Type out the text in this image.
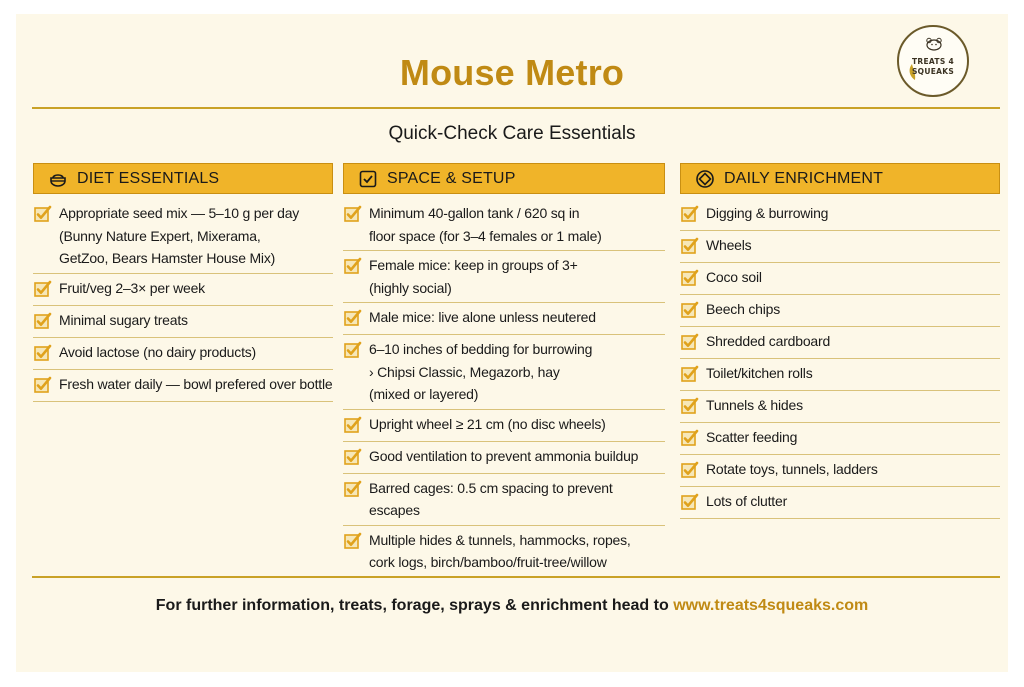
TREATS 4
SQUEAKS
Mouse Metro
Quick-Check Care Essentials
DIET ESSENTIALS
Appropriate seed mix — 5–10 g per day
(Bunny Nature Expert, Mixerama,
GetZoo, Bears Hamster House Mix)
Fruit/veg 2–3× per week
Minimal sugary treats
Avoid lactose (no dairy products)
Fresh water daily — bowl prefered over bottle
SPACE & SETUP
Minimum 40-gallon tank / 620 sq in
floor space (for 3–4 females or 1 male)
Female mice: keep in groups of 3+
(highly social)
Male mice: live alone unless neutered
6–10 inches of bedding for burrowing
› Chipsi Classic, Megazorb, hay
(mixed or layered)
Upright wheel ≥ 21 cm (no disc wheels)
Good ventilation to prevent ammonia buildup
Barred cages: 0.5 cm spacing to prevent escapes
Multiple hides & tunnels, hammocks, ropes,
cork logs, birch/bamboo/fruit-tree/willow
DAILY ENRICHMENT
Digging & burrowing
Wheels
Coco soil
Beech chips
Shredded cardboard
Toilet/kitchen rolls
Tunnels & hides
Scatter feeding
Rotate toys, tunnels, ladders
Lots of clutter
For further information, treats, forage, sprays & enrichment head to www.treats4squeaks.com
